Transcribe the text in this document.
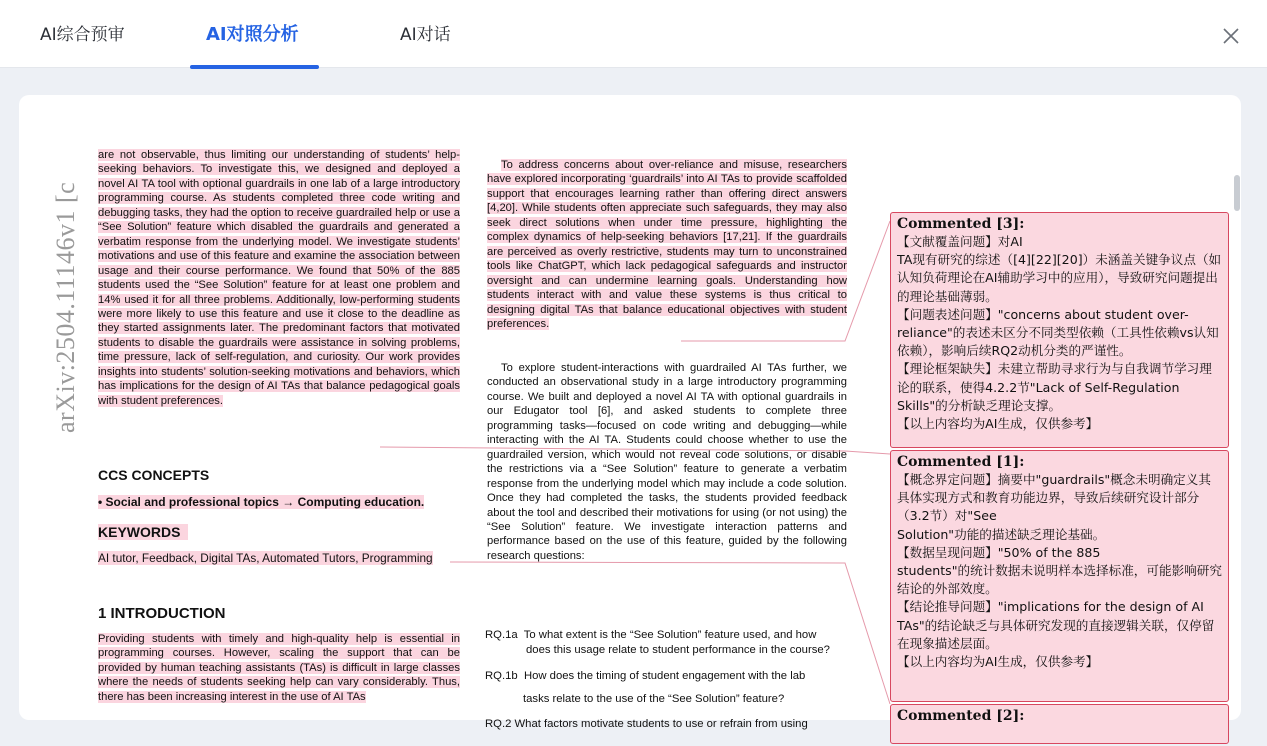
AI综合预审	AI对照分析	AI对话
arXiv:2504.11146v1 [c
are not observable, thus limiting our understanding of students’ help-seeking behaviors. To investigate this, we designed and deployed a novel AI TA tool with optional guardrails in one lab of a large introductory programming course. As students completed three code writing and debugging tasks, they had the option to receive guardrailed help or use a “See Solution” feature which disabled the guardrails and generated a verbatim response from the underlying model. We investigate students’ motivations and use of this feature and examine the association between usage and their course performance. We found that 50% of the 885 students used the “See Solution” feature for at least one problem and 14% used it for all three problems. Additionally, low-performing students were more likely to use this feature and use it close to the deadline as they started assignments later. The predominant factors that motivated students to disable the guardrails were assistance in solving problems, time pressure, lack of self-regulation, and curiosity. Our work provides insights into students’ solution-seeking motivations and behaviors, which has implications for the design of AI TAs that balance pedagogical goals with student preferences.
CCS CONCEPTS
• Social and professional topics → Computing education.
KEYWORDS
AI tutor, Feedback, Digital TAs, Automated Tutors, Programming
1 INTRODUCTION
Providing students with timely and high-quality help is essential in programming courses. However, scaling the support that can be provided by human teaching assistants (TAs) is difficult in large classes where the needs of students seeking help can vary considerably. Thus, there has been increasing interest in the use of AI TAs
To address concerns about over-reliance and misuse, researchers have explored incorporating ‘guardrails’ into AI TAs to provide scaffolded support that encourages learning rather than offering direct answers [4,20]. While students often appreciate such safeguards, they may also seek direct solutions when under time pressure, highlighting the complex dynamics of help-seeking behaviors [17,21]. If the guardrails are perceived as overly restrictive, students may turn to unconstrained tools like ChatGPT, which lack pedagogical safeguards and instructor oversight and can undermine learning goals. Understanding how students interact with and value these systems is thus critical to designing digital TAs that balance educational objectives with student preferences.
To explore student-interactions with guardrailed AI TAs further, we conducted an observational study in a large introductory programming course. We built and deployed a novel AI TA with optional guardrails in our Edugator tool [6], and asked students to complete three programming tasks—focused on code writing and debugging—while interacting with the AI TA. Students could choose whether to use the guardrailed version, which would not reveal code solutions, or disable the restrictions via a “See Solution” feature to generate a verbatim response from the underlying model which may include a code solution. Once they had completed the tasks, the students provided feedback about the tool and described their motivations for using (or not using) the “See Solution” feature. We investigate interaction patterns and performance based on the use of this feature, guided by the following research questions:
RQ.1a To what extent is the “See Solution” feature used, and how
does this usage relate to student performance in the course?
RQ.1b How does the timing of student engagement with the lab
tasks relate to the use of the “See Solution” feature?
RQ.2 What factors motivate students to use or refrain from using
Commented [3]:

【文献覆盖问题】对AI

TA现有研究的综述（[4][22][20]）未涵盖关键争议点（如认知负荷理论在AI辅助学习中的应用），导致研究问题提出的理论基础薄弱。

【问题表述问题】"concerns about student over-reliance"的表述未区分不同类型依赖（工具性依赖vs认知依赖），影响后续RQ2动机分类的严谨性。

【理论框架缺失】未建立帮助寻求行为与自我调节学习理论的联系，使得4.2.2节"Lack of Self-Regulation Skills"的分析缺乏理论支撑。

【以上内容均为AI生成，仅供参考】

Commented [1]:

【概念界定问题】摘要中"guardrails"概念未明确定义其具体实现方式和教育功能边界，导致后续研究设计部分（3.2节）对"See

Solution"功能的描述缺乏理论基础。

【数据呈现问题】"50% of the 885

students"的统计数据未说明样本选择标准，可能影响研究结论的外部效度。

【结论推导问题】"implications for the design of AI

TAs"的结论缺乏与具体研究发现的直接逻辑关联，仅停留在现象描述层面。

【以上内容均为AI生成，仅供参考】

Commented [2]:
